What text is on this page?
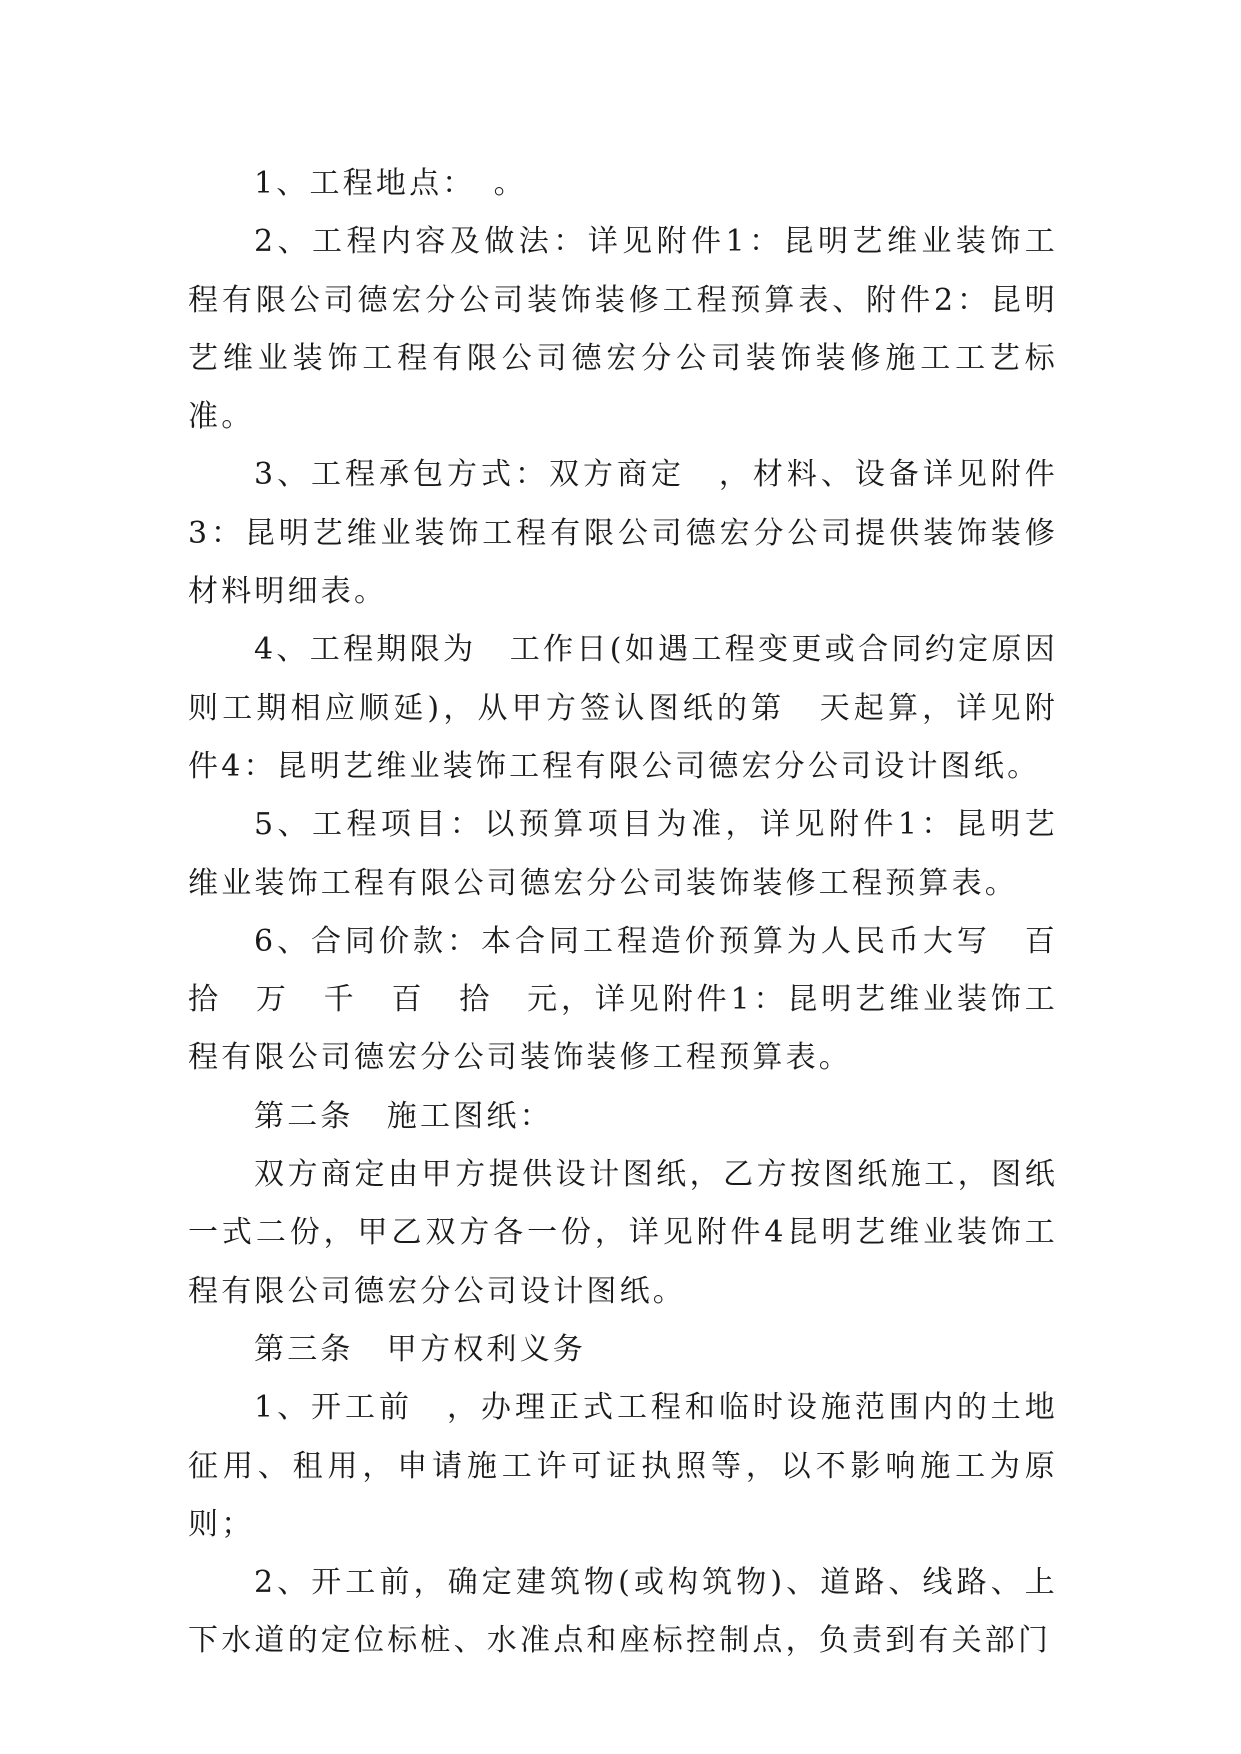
1、工程地点：　。

2、工程内容及做法：详见附件1：昆明艺维业装饰工程有限公司德宏分公司装饰装修工程预算表、附件2：昆明艺维业装饰工程有限公司德宏分公司装饰装修施工工艺标准。

3、工程承包方式：双方商定　，材料、设备详见附件3：昆明艺维业装饰工程有限公司德宏分公司提供装饰装修材料明细表。

4、工程期限为　工作日(如遇工程变更或合同约定原因则工期相应顺延)，从甲方签认图纸的第　天起算，详见附件4：昆明艺维业装饰工程有限公司德宏分公司设计图纸。

5、工程项目：以预算项目为准，详见附件1：昆明艺维业装饰工程有限公司德宏分公司装饰装修工程预算表。

6、合同价款：本合同工程造价预算为人民币大写　百拾　万　千　百　拾　元，详见附件1：昆明艺维业装饰工程有限公司德宏分公司装饰装修工程预算表。

第二条　施工图纸：

双方商定由甲方提供设计图纸，乙方按图纸施工，图纸一式二份，甲乙双方各一份，详见附件4昆明艺维业装饰工程有限公司德宏分公司设计图纸。

第三条　甲方权利义务

1、开工前　，办理正式工程和临时设施范围内的土地征用、租用，申请施工许可证执照等，以不影响施工为原则；

2、开工前，确定建筑物(或构筑物)、道路、线路、上下水道的定位标桩、水准点和座标控制点，负责到有关部门
